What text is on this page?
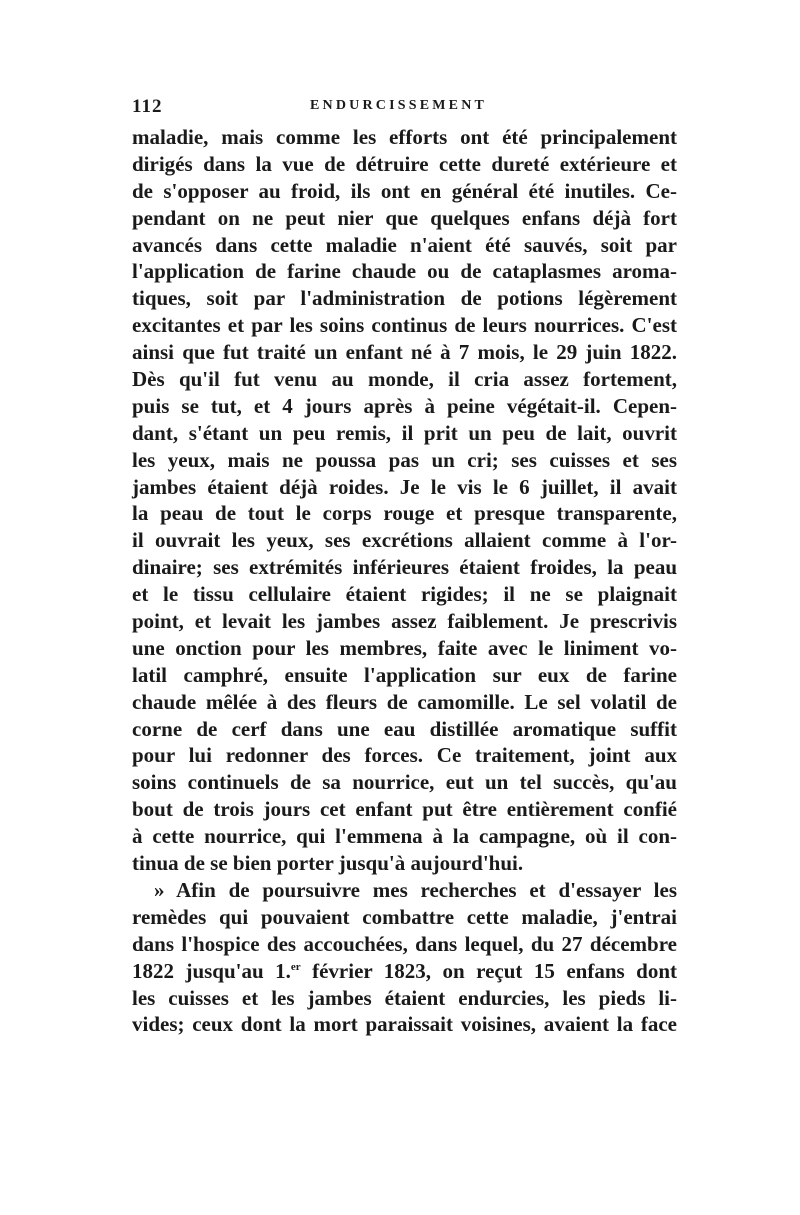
112	ENDURCISSEMENT
maladie, mais comme les efforts ont été principalement
dirigés dans la vue de détruire cette dureté extérieure et
de s'opposer au froid, ils ont en général été inutiles. Ce-
pendant on ne peut nier que quelques enfans déjà fort
avancés dans cette maladie n'aient été sauvés, soit par
l'application de farine chaude ou de cataplasmes aroma-
tiques, soit par l'administration de potions légèrement
excitantes et par les soins continus de leurs nourrices. C'est
ainsi que fut traité un enfant né à 7 mois, le 29 juin 1822.
Dès qu'il fut venu au monde, il cria assez fortement,
puis se tut, et 4 jours après à peine végétait-il. Cepen-
dant, s'étant un peu remis, il prit un peu de lait, ouvrit
les yeux, mais ne poussa pas un cri; ses cuisses et ses
jambes étaient déjà roides. Je le vis le 6 juillet, il avait
la peau de tout le corps rouge et presque transparente,
il ouvrait les yeux, ses excrétions allaient comme à l'or-
dinaire; ses extrémités inférieures étaient froides, la peau
et le tissu cellulaire étaient rigides; il ne se plaignait
point, et levait les jambes assez faiblement. Je prescrivis
une onction pour les membres, faite avec le liniment vo-
latil camphré, ensuite l'application sur eux de farine
chaude mêlée à des fleurs de camomille. Le sel volatil de
corne de cerf dans une eau distillée aromatique suffit
pour lui redonner des forces. Ce traitement, joint aux
soins continuels de sa nourrice, eut un tel succès, qu'au
bout de trois jours cet enfant put être entièrement confié
à cette nourrice, qui l'emmena à la campagne, où il con-
tinua de se bien porter jusqu'à aujourd'hui.
» Afin de poursuivre mes recherches et d'essayer les
remèdes qui pouvaient combattre cette maladie, j'entrai
dans l'hospice des accouchées, dans lequel, du 27 décembre
1822 jusqu'au 1.$^{er}$ février 1823, on reçut 15 enfans dont
les cuisses et les jambes étaient endurcies, les pieds li-
vides; ceux dont la mort paraissait voisines, avaient la face
